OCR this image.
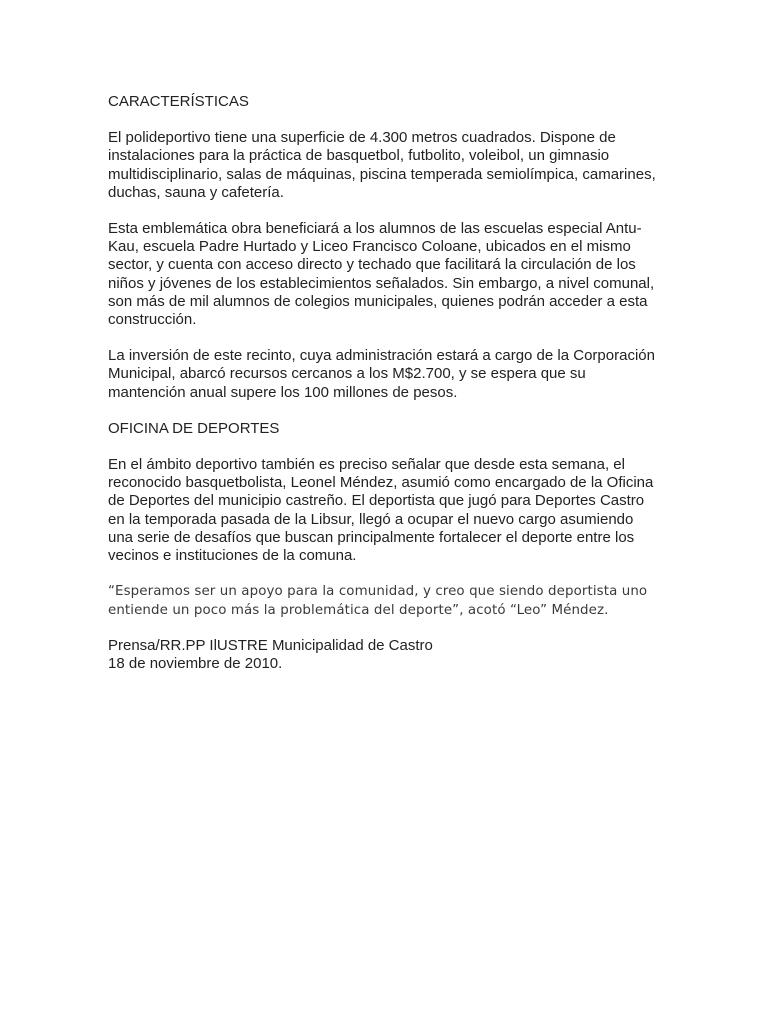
CARACTERÍSTICAS
El polideportivo tiene una superficie de 4.300 metros cuadrados. Dispone de
instalaciones para la práctica de basquetbol, futbolito, voleibol, un gimnasio
multidisciplinario, salas de máquinas, piscina temperada semiolímpica, camarines,
duchas, sauna y cafetería.
Esta emblemática obra beneficiará a los alumnos de las escuelas especial Antu-
Kau, escuela Padre Hurtado y Liceo Francisco Coloane, ubicados en el mismo
sector, y cuenta con acceso directo y techado que facilitará la circulación de los
niños y jóvenes de los establecimientos señalados. Sin embargo, a nivel comunal,
son más de mil alumnos de colegios municipales, quienes podrán acceder a esta
construcción.
La inversión de este recinto, cuya administración estará a cargo de la Corporación
Municipal, abarcó recursos cercanos a los M$2.700, y se espera que su
mantención anual supere los 100 millones de pesos.
OFICINA DE DEPORTES
En el ámbito deportivo también es preciso señalar que desde esta semana, el
reconocido basquetbolista, Leonel Méndez, asumió como encargado de la Oficina
de Deportes del municipio castreño. El deportista que jugó para Deportes Castro
en la temporada pasada de la Libsur, llegó a ocupar el nuevo cargo asumiendo
una serie de desafíos que buscan principalmente fortalecer el deporte entre los
vecinos e instituciones de la comuna.
“Esperamos ser un apoyo para la comunidad, y creo que siendo deportista uno
entiende un poco más la problemática del deporte”, acotó “Leo” Méndez.
Prensa/RR.PP IlUSTRE Municipalidad de Castro
18 de noviembre de 2010.
